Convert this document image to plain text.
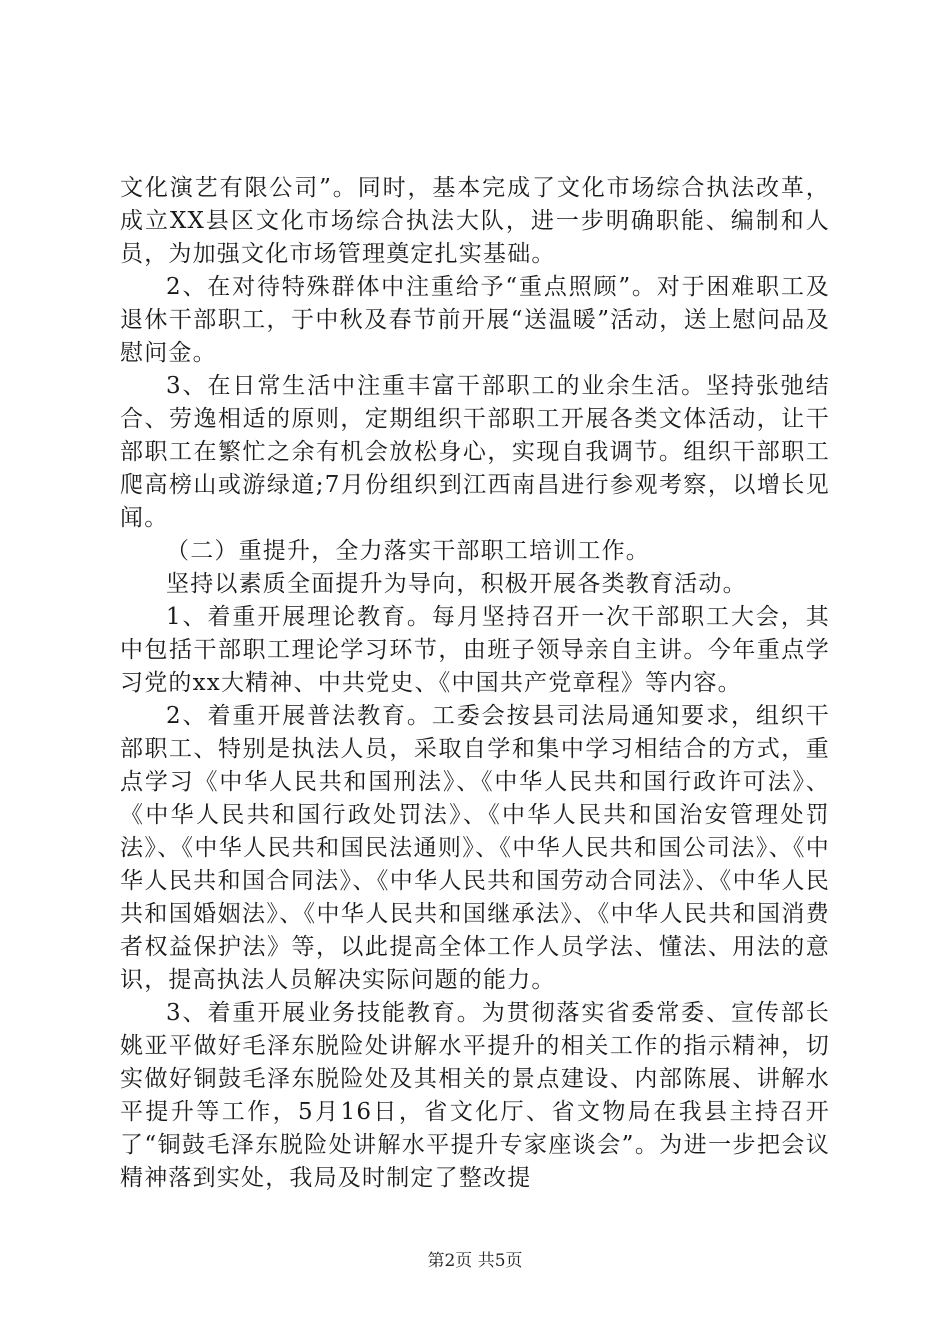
文化演艺有限公司”。同时，基本完成了文化市场综合执法改革，成立XX县区文化市场综合执法大队，进一步明确职能、编制和人员，为加强文化市场管理奠定扎实基础。

2、在对待特殊群体中注重给予“重点照顾”。对于困难职工及退休干部职工，于中秋及春节前开展“送温暖”活动，送上慰问品及慰问金。

3、在日常生活中注重丰富干部职工的业余生活。坚持张弛结合、劳逸相适的原则，定期组织干部职工开展各类文体活动，让干部职工在繁忙之余有机会放松身心，实现自我调节。组织干部职工爬高榜山或游绿道;7月份组织到江西南昌进行参观考察，以增长见闻。

（二）重提升，全力落实干部职工培训工作。

坚持以素质全面提升为导向，积极开展各类教育活动。

1、着重开展理论教育。每月坚持召开一次干部职工大会，其中包括干部职工理论学习环节，由班子领导亲自主讲。今年重点学习党的xx大精神、中共党史、《中国共产党章程》等内容。

2、着重开展普法教育。工委会按县司法局通知要求，组织干部职工、特别是执法人员，采取自学和集中学习相结合的方式，重点学习《中华人民共和国刑法》、《中华人民共和国行政许可法》、《中华人民共和国行政处罚法》、《中华人民共和国治安管理处罚法》、《中华人民共和国民法通则》、《中华人民共和国公司法》、《中华人民共和国合同法》、《中华人民共和国劳动合同法》、《中华人民共和国婚姻法》、《中华人民共和国继承法》、《中华人民共和国消费者权益保护法》等，以此提高全体工作人员学法、懂法、用法的意识，提高执法人员解决实际问题的能力。

3、着重开展业务技能教育。为贯彻落实省委常委、宣传部长姚亚平做好毛泽东脱险处讲解水平提升的相关工作的指示精神，切实做好铜鼓毛泽东脱险处及其相关的景点建设、内部陈展、讲解水平提升等工作，5月16日，省文化厅、省文物局在我县主持召开了“铜鼓毛泽东脱险处讲解水平提升专家座谈会”。为进一步把会议精神落到实处，我局及时制定了整改提

第2页 共5页
